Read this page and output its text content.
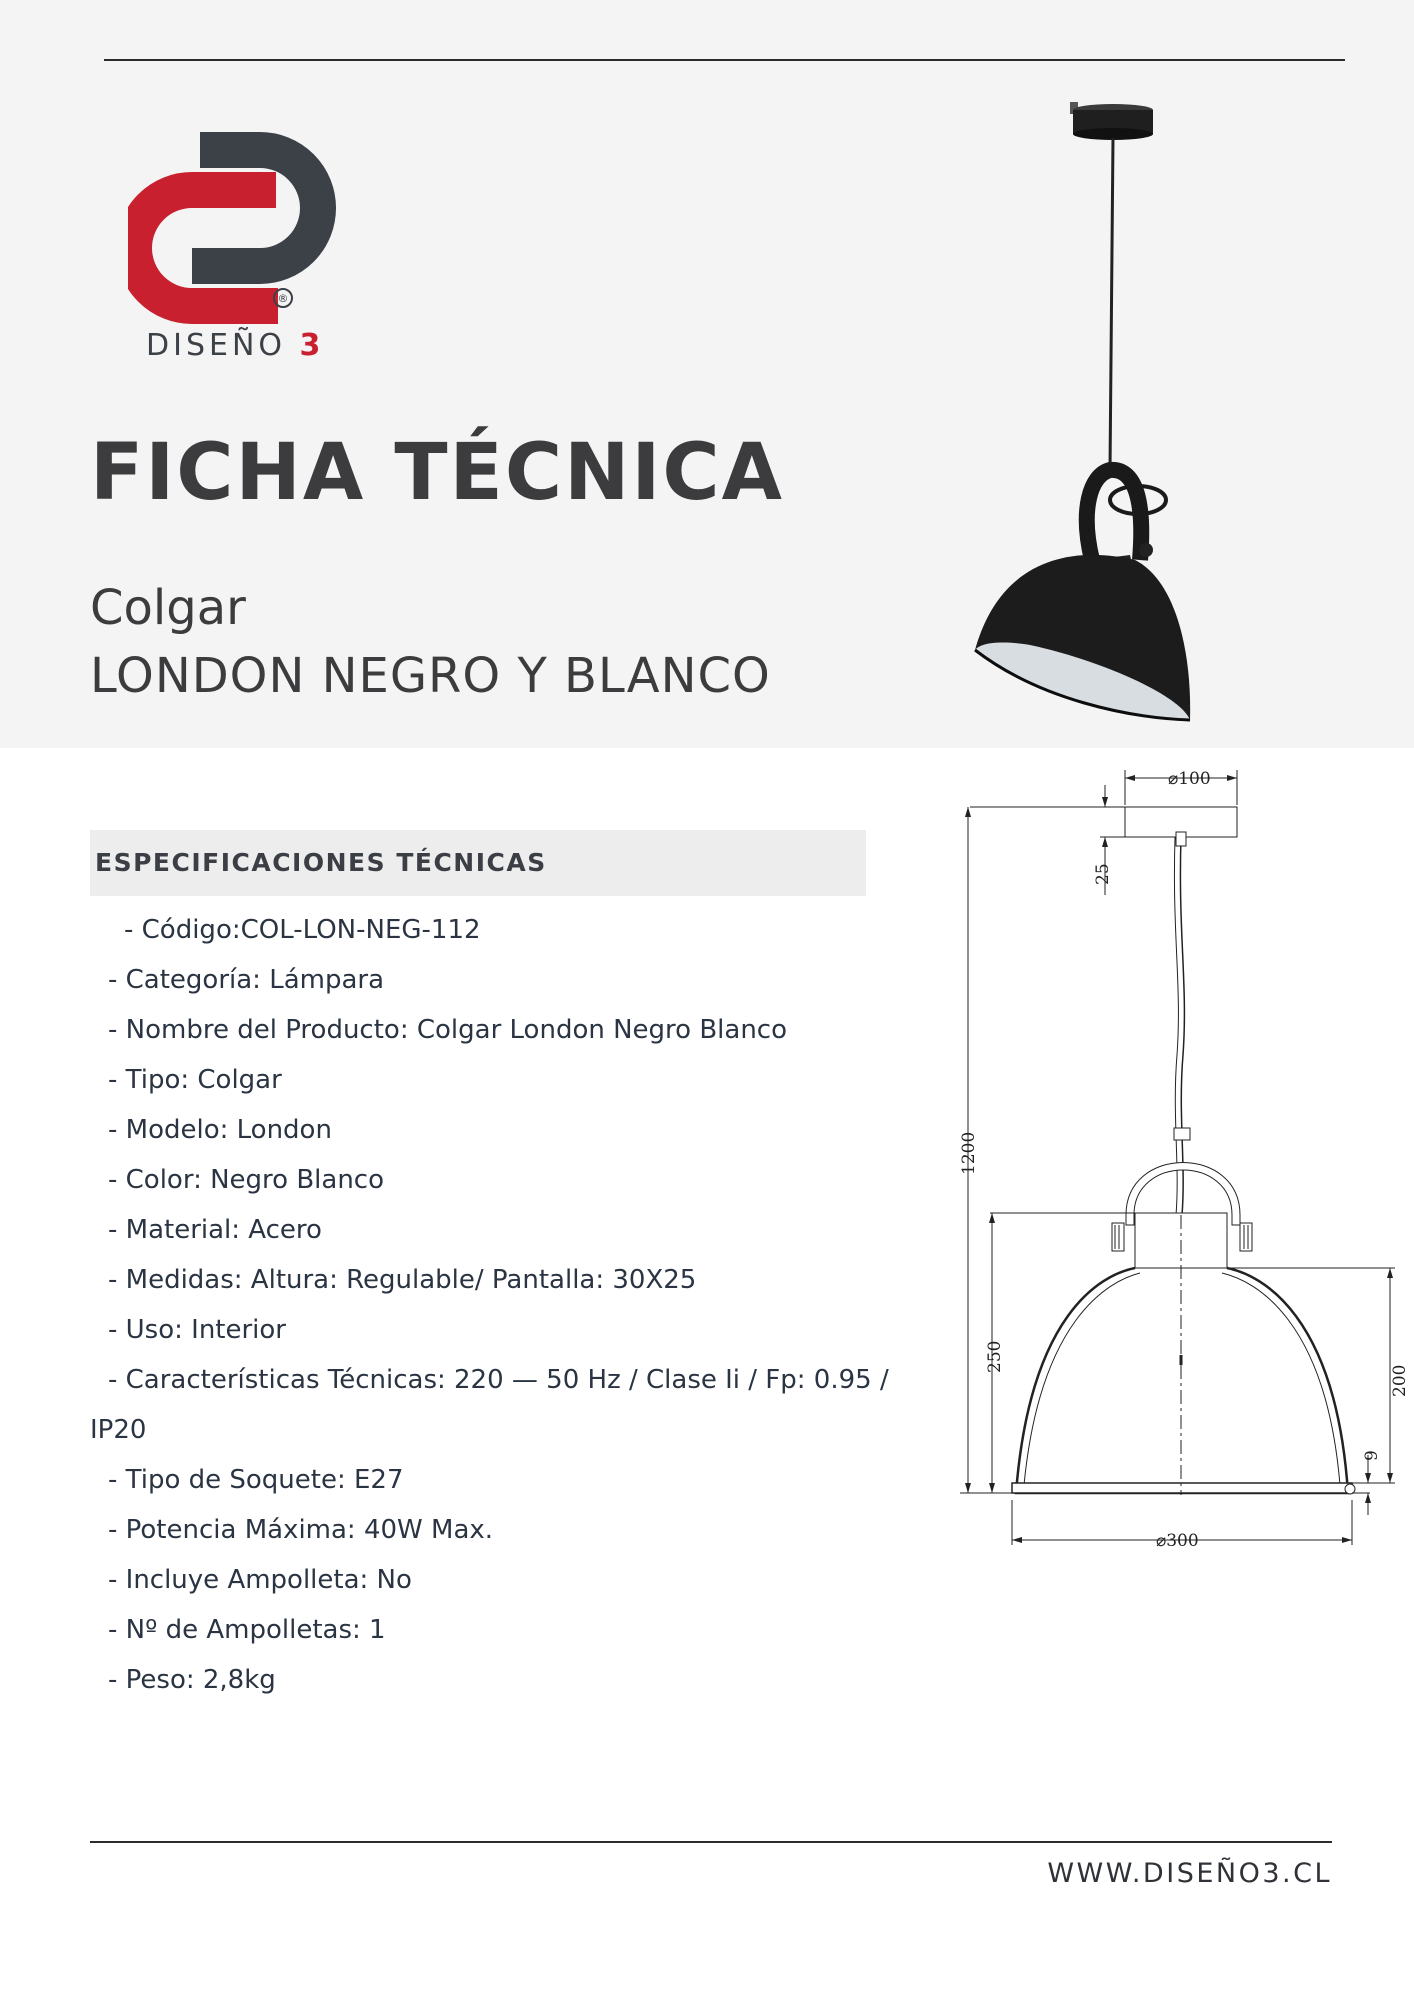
®
DISEÑO 3
FICHA TÉCNICA
Colgar
LONDON NEGRO Y BLANCO
ESPECIFICACIONES TÉCNICAS
- Código:COL-LON-NEG-112
- Categoría: Lámpara
- Nombre del Producto: Colgar London Negro Blanco
- Tipo: Colgar
- Modelo: London
- Color: Negro Blanco
- Material: Acero
- Medidas: Altura: Regulable/ Pantalla: 30X25
- Uso: Interior
- Características Técnicas: 220 — 50 Hz / Clase Ii / Fp: 0.95 /
IP20
- Tipo de Soquete: E27
- Potencia Máxima: 40W Max.
- Incluye Ampolleta: No
- Nº de Ampolletas: 1
- Peso: 2,8kg
⌀100
25
1200
250
200
9
⌀300
WWW.DISEÑO3.CL
